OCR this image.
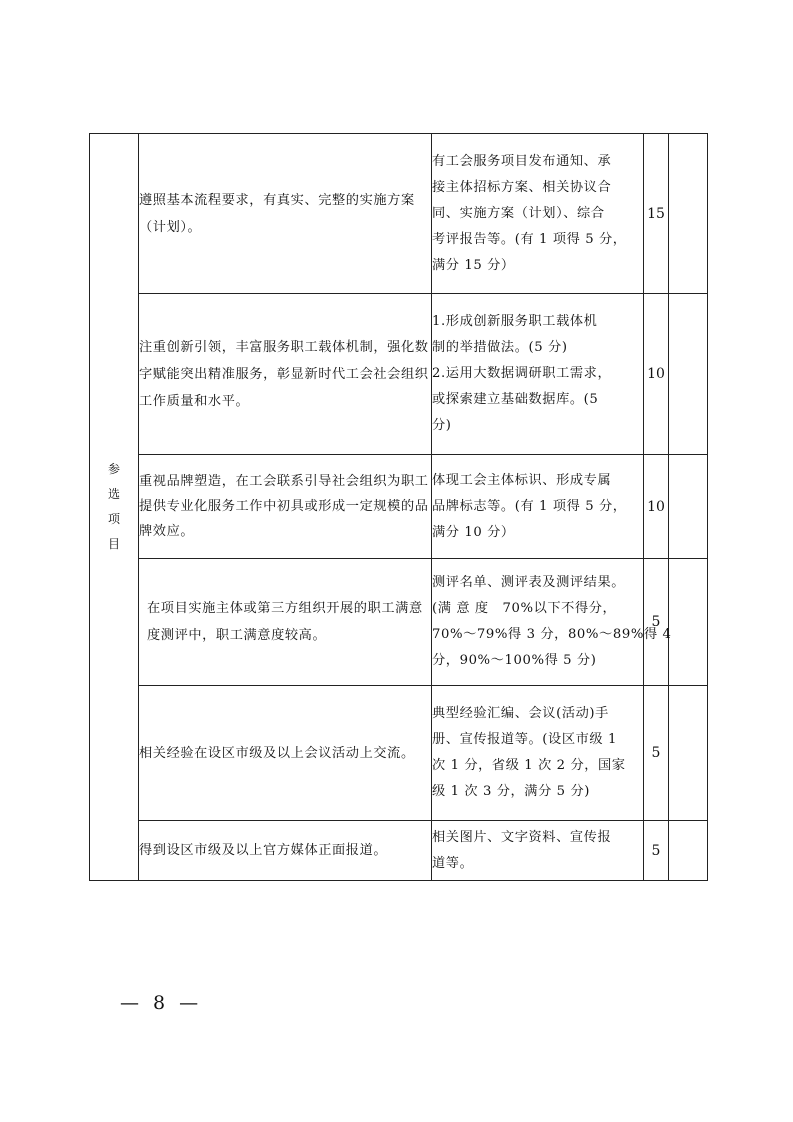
参
选
项
目	遵照基本流程要求，有真实、完整的实施方案（计划）。	有工会服务项目发布通知、承
接主体招标方案、相关协议合
同、实施方案（计划）、综合
考评报告等。(有 1 项得 5 分，
满分 15 分）	15	
	注重创新引领，丰富服务职工载体机制，强化数字赋能突出精准服务，彰显新时代工会社会组织工作质量和水平。	1.形成创新服务职工载体机
制的举措做法。(5 分)
2.运用大数据调研职工需求，
或探索建立基础数据库。(5
分)	10	
	重视品牌塑造，在工会联系引导社会组织为职工提供专业化服务工作中初具或形成一定规模的品牌效应。	体现工会主体标识、形成专属
品牌标志等。(有 1 项得 5 分，
满分 10 分）	10	
	在项目实施主体或第三方组织开展的职工满意度测评中，职工满意度较高。	测评名单、测评表及测评结果。
(满 意 度　70%以下不得分，
70%～79%得 3 分，80%～89%得 4
分，90%～100%得 5 分)	5	
	相关经验在设区市级及以上会议活动上交流。	典型经验汇编、会议(活动)手
册、宣传报道等。(设区市级 1
次 1 分，省级 1 次 2 分，国家
级 1 次 3 分，满分 5 分)	5	
	得到设区市级及以上官方媒体正面报道。	相关图片、文字资料、宣传报
道等。	5	
— 8 —
